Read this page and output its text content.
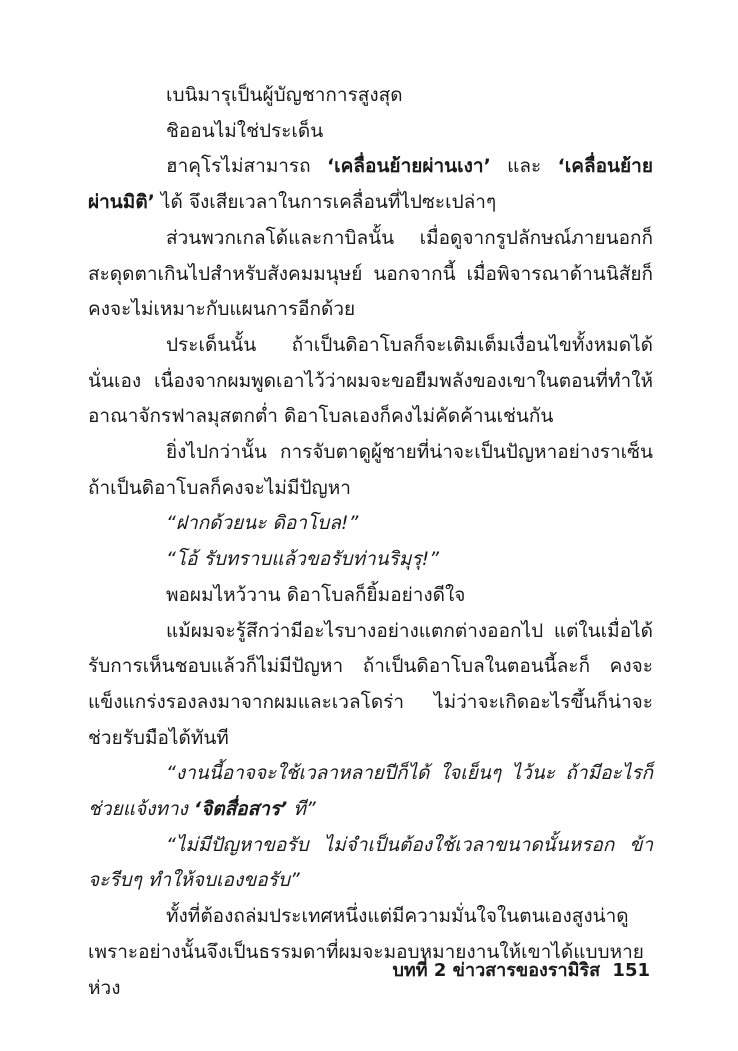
เบนิมารุเป็นผู้บัญชาการสูงสุด

ชิออนไม่ใช่ประเด็น

ฮาคุโรไม่สามารถ ‘เคลื่อนย้ายผ่านเงา’ และ ‘เคลื่อนย้ายผ่านมิติ’ ได้ จึงเสียเวลาในการเคลื่อนที่ไปซะเปล่าๆ

ส่วนพวกเกลโด้และกาบิลนั้น เมื่อดูจากรูปลักษณ์ภายนอกก็สะดุดตาเกินไปสำหรับสังคมมนุษย์ นอกจากนี้ เมื่อพิจารณาด้านนิสัยก็คงจะไม่เหมาะกับแผนการอีกด้วย

ประเด็นนั้น ถ้าเป็นดิอาโบลก็จะเติมเต็มเงื่อนไขทั้งหมดได้นั่นเอง เนื่องจากผมพูดเอาไว้ว่าผมจะขอยืมพลังของเขาในตอนที่ทำให้อาณาจักรฟาลมุสตกต่ำ ดิอาโบลเองก็คงไม่คัดค้านเช่นกัน

ยิ่งไปกว่านั้น การจับตาดูผู้ชายที่น่าจะเป็นปัญหาอย่างราเซ็นถ้าเป็นดิอาโบลก็คงจะไม่มีปัญหา

“ฝากด้วยนะ ดิอาโบล!”

“โอ้ รับทราบแล้วขอรับท่านริมุรุ!”

พอผมไหว้วาน ดิอาโบลก็ยิ้มอย่างดีใจ

แม้ผมจะรู้สึกว่ามีอะไรบางอย่างแตกต่างออกไป แต่ในเมื่อได้รับการเห็นชอบแล้วก็ไม่มีปัญหา ถ้าเป็นดิอาโบลในตอนนี้ละก็ คงจะแข็งแกร่งรองลงมาจากผมและเวลโดร่า ไม่ว่าจะเกิดอะไรขึ้นก็น่าจะช่วยรับมือได้ทันที

“งานนี้อาจจะใช้เวลาหลายปีก็ได้ ใจเย็นๆ ไว้นะ ถ้ามีอะไรก็ช่วยแจ้งทาง ‘จิตสื่อสาร’ ที”

“ไม่มีปัญหาขอรับ ไม่จำเป็นต้องใช้เวลาขนาดนั้นหรอก ข้าจะรีบๆ ทำให้จบเองขอรับ”

ทั้งที่ต้องถล่มประเทศหนึ่งแต่มีความมั่นใจในตนเองสูงน่าดู เพราะอย่างนั้นจึงเป็นธรรมดาที่ผมจะมอบหมายงานให้เขาได้แบบหายห่วง

บทที่ 2 ข่าวสารของรามิริส 151
